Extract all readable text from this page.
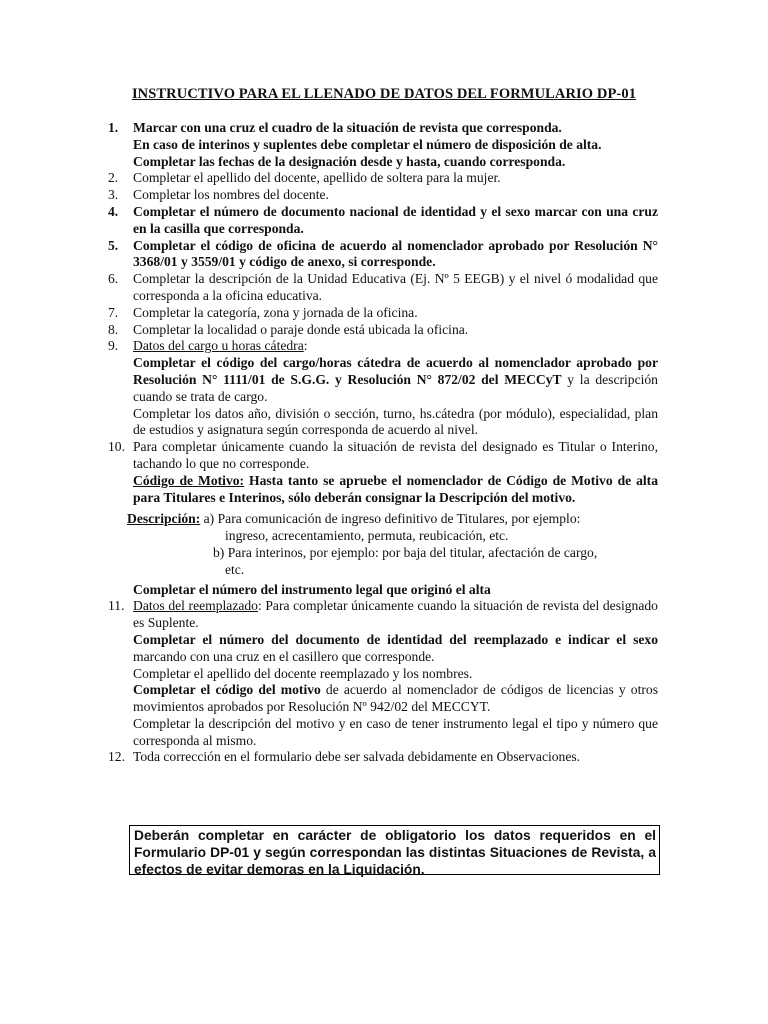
INSTRUCTIVO PARA EL LLENADO DE DATOS DEL FORMULARIO DP-01
1.	Marcar con una cruz el cuadro de la situación de revista que corresponda.
En caso de interinos y suplentes debe completar el número de disposición de alta.
Completar las fechas de la designación desde y hasta, cuando corresponda.
2.	Completar el apellido del docente, apellido de soltera para la mujer.
3.	Completar los nombres del docente.
4.	Completar el número de documento nacional de identidad y el sexo marcar con una cruz en la casilla que corresponda.
5.	Completar el código de oficina de acuerdo al nomenclador aprobado por Resolución N° 3368/01 y 3559/01 y código de anexo, si corresponde.
6.	Completar la descripción de la Unidad Educativa (Ej. Nº 5 EEGB) y el nivel ó modalidad que corresponda a la oficina educativa.
7.	Completar la categoría, zona y jornada de la oficina.
8.	Completar la localidad o paraje donde está ubicada la oficina.
9.	Datos del cargo u horas cátedra:
Completar el código del cargo/horas cátedra de acuerdo al nomenclador aprobado por Resolución N° 1111/01 de S.G.G. y Resolución N° 872/02 del MECCyT y la descripción cuando se trata de cargo.
Completar los datos año, división o sección, turno, hs.cátedra (por módulo), especialidad, plan de estudios y asignatura según corresponda de acuerdo al nivel.
10. Para completar únicamente cuando la situación de revista del designado es Titular o Interino, tachando lo que no corresponde.
Código de Motivo: Hasta tanto se apruebe el nomenclador de Código de Motivo de alta para Titulares e Interinos, sólo deberán consignar la Descripción del motivo.
Descripción: a) Para comunicación de ingreso definitivo de Titulares, por ejemplo:
ingreso, acrecentamiento, permuta, reubicación, etc.
b) Para interinos, por ejemplo: por baja del titular, afectación de cargo,
etc.
Completar el número del instrumento legal que originó el alta
11. Datos del reemplazado: Para completar únicamente cuando la situación de revista del designado es Suplente.
Completar el número del documento de identidad del reemplazado e indicar el sexo marcando con una cruz en el casillero que corresponde.
Completar el apellido del docente reemplazado y los nombres.
Completar el código del motivo de acuerdo al nomenclador de códigos de licencias y otros movimientos aprobados por Resolución Nº 942/02 del MECCYT.
Completar la descripción del motivo y en caso de tener instrumento legal el tipo y número que corresponda al mismo.
12. Toda corrección en el formulario debe ser salvada debidamente en Observaciones.
Deberán completar en carácter de obligatorio los datos requeridos en el Formulario DP-01 y según correspondan las distintas Situaciones de Revista, a efectos de evitar demoras en la Liquidación.
